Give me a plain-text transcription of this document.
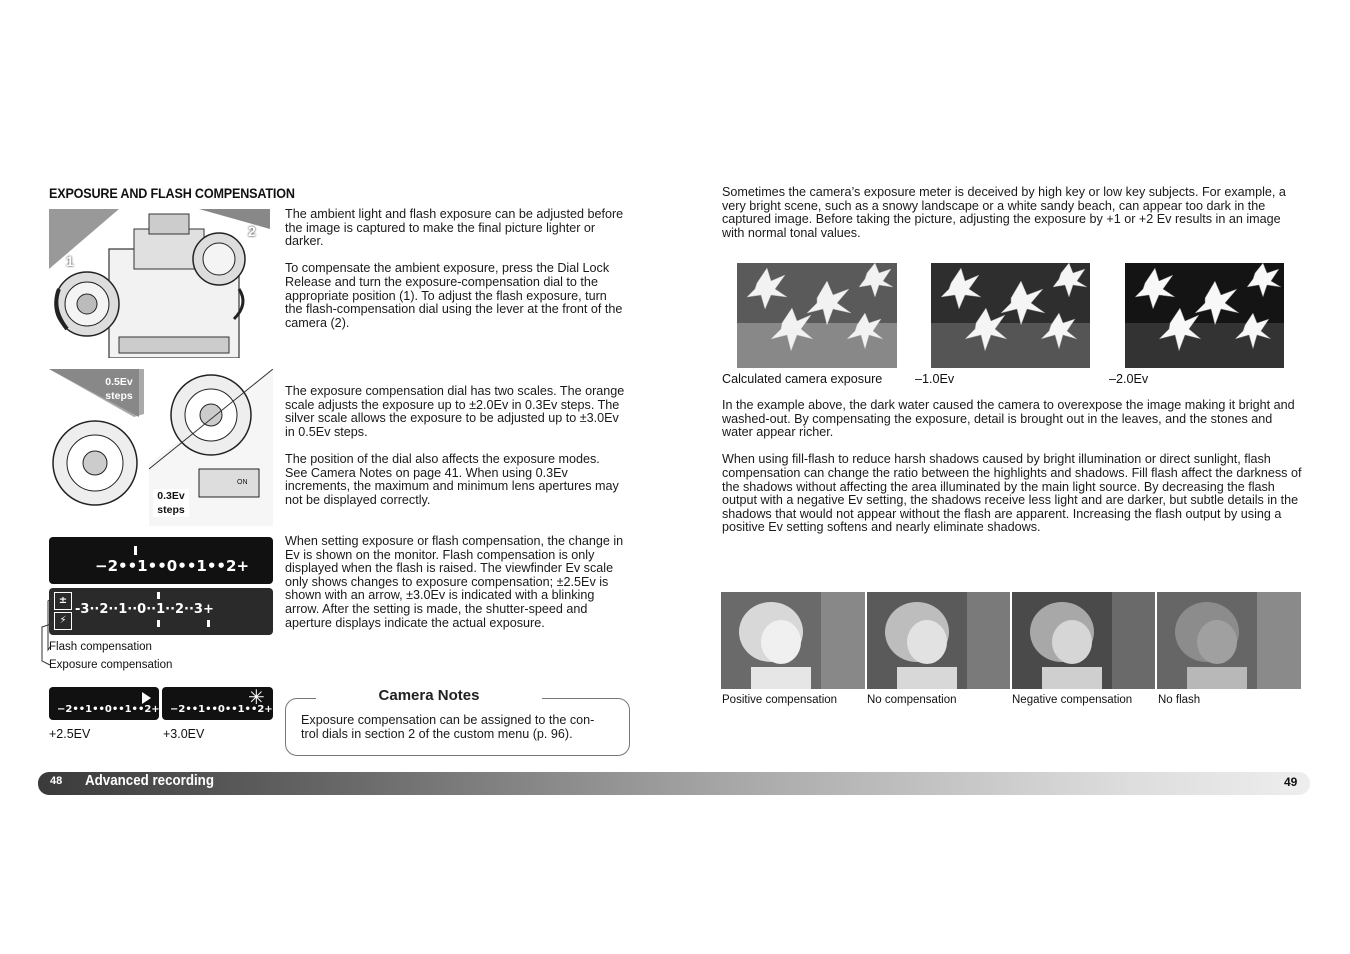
EXPOSURE AND FLASH COMPENSATION
1
2
0.5Ev
steps
0.3Ev
steps
ON

The ambient light and flash exposure can be adjusted before the image is captured to make the final picture lighter or darker.

To compensate the ambient exposure, press the Dial Lock Release and turn the exposure-compensation dial to the appropriate position (1). To adjust the flash exposure, turn the flash-compensation dial using the lever at the front of the camera (2).

The exposure compensation dial has two scales. The orange scale adjusts the exposure up to ±2.0Ev in 0.3Ev steps. The silver scale allows the exposure to be adjusted up to ±3.0Ev in 0.5Ev steps.

The position of the dial also affects the exposure modes. See Camera Notes on page 41. When using 0.3Ev increments, the maximum and minimum lens apertures may not be displayed correctly.

When setting exposure or flash compensation, the change in Ev is shown on the monitor. Flash compensation is only displayed when the flash is raised. The viewfinder Ev scale only shows changes to exposure compensation; ±2.5Ev is shown with an arrow, ±3.0Ev is indicated with a blinking arrow. After the setting is made, the shutter-speed and aperture displays indicate the actual exposure.

−2••1••0••1••2+
±
⚡
-3··2··1··0··1··2··3+
Flash compensation
Exposure compensation
−2••1••0••1••2+
✳
−2••1••0••1••2+
+2.5EV	+3.0EV
Camera Notes
Exposure compensation can be assigned to the con-
trol dials in section 2 of the custom menu (p. 96).
48 Advanced recording	49
Sometimes the camera’s exposure meter is deceived by high key or low key subjects. For example, a very bright scene, such as a snowy landscape or a white sandy beach, can appear too dark in the captured image. Before taking the picture, adjusting the exposure by +1 or +2 Ev results in an image with normal tonal values.
Calculated camera exposure	–1.0Ev	–2.0Ev

In the example above, the dark water caused the camera to overexpose the image making it bright and washed-out. By compensating the exposure, detail is brought out in the leaves, and the stones and water appear richer.

When using fill-flash to reduce harsh shadows caused by bright illumination or direct sunlight, flash compensation can change the ratio between the highlights and shadows. Fill flash affect the darkness of the shadows without affecting the area illuminated by the main light source. By decreasing the flash output with a negative Ev setting, the shadows receive less light and are darker, but subtle details in the shadows that would not appear without the flash are apparent. Increasing the flash output by using a positive Ev setting softens and nearly eliminate shadows.

Positive compensation	No compensation	Negative compensation No flash
